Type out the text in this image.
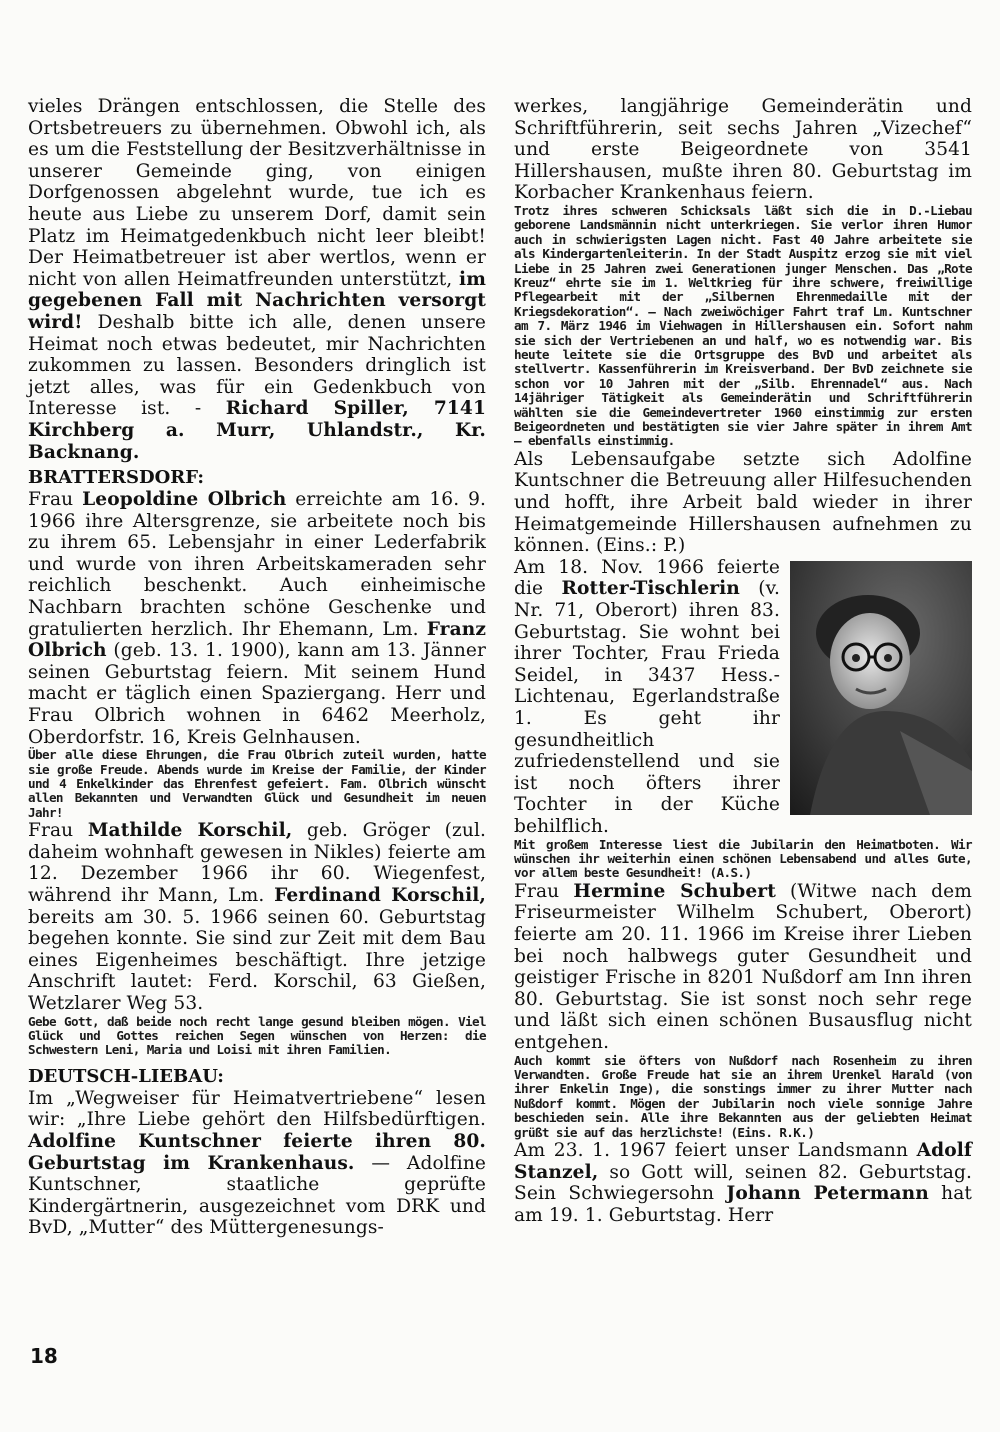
vieles Drängen entschlossen, die Stelle des Ortsbetreuers zu übernehmen. Obwohl ich, als es um die Feststellung der Besitzverhältnisse in unserer Gemeinde ging, von einigen Dorfgenossen abgelehnt wurde, tue ich es heute aus Liebe zu unserem Dorf, damit sein Platz im Heimatgedenkbuch nicht leer bleibt! Der Heimatbetreuer ist aber wertlos, wenn er nicht von allen Heimatfreunden unterstützt, im gegebenen Fall mit Nachrichten versorgt wird! Deshalb bitte ich alle, denen unsere Heimat noch etwas bedeutet, mir Nachrichten zukommen zu lassen. Besonders dringlich ist jetzt alles, was für ein Gedenkbuch von Interesse ist. - Richard Spiller, 7141 Kirchberg a. Murr, Uhlandstr., Kr. Backnang.

BRATTERSDORF:

Frau Leopoldine Olbrich erreichte am 16. 9. 1966 ihre Altersgrenze, sie arbeitete noch bis zu ihrem 65. Lebensjahr in einer Lederfabrik und wurde von ihren Arbeitskameraden sehr reichlich beschenkt. Auch einheimische Nachbarn brachten schöne Geschenke und gratulierten herzlich. Ihr Ehemann, Lm. Franz Olbrich (geb. 13. 1. 1900), kann am 13. Jänner seinen Geburtstag feiern. Mit seinem Hund macht er täglich einen Spaziergang. Herr und Frau Olbrich wohnen in 6462 Meerholz, Oberdorfstr. 16, Kreis Gelnhausen.

Über alle diese Ehrungen, die Frau Olbrich zuteil wurden, hatte sie große Freude. Abends wurde im Kreise der Familie, der Kinder und 4 Enkelkinder das Ehrenfest gefeiert. Fam. Olbrich wünscht allen Bekannten und Verwandten Glück und Gesundheit im neuen Jahr!

Frau Mathilde Korschil, geb. Gröger (zul. daheim wohnhaft gewesen in Nikles) feierte am 12. Dezember 1966 ihr 60. Wiegenfest, während ihr Mann, Lm. Ferdinand Korschil, bereits am 30. 5. 1966 seinen 60. Geburtstag begehen konnte. Sie sind zur Zeit mit dem Bau eines Eigenheimes beschäftigt. Ihre jetzige Anschrift lautet: Ferd. Korschil, 63 Gießen, Wetzlarer Weg 53.

Gebe Gott, daß beide noch recht lange gesund bleiben mögen. Viel Glück und Gottes reichen Segen wünschen von Herzen: die Schwestern Leni, Maria und Loisi mit ihren Familien.

DEUTSCH-LIEBAU:

Im „Wegweiser für Heimatvertriebene“ lesen wir: „Ihre Liebe gehört den Hilfsbedürftigen. Adolfine Kuntschner feierte ihren 80. Geburtstag im Krankenhaus. — Adolfine Kuntschner, staatliche geprüfte Kindergärtnerin, ausgezeichnet vom DRK und BvD, „Mutter“ des Müttergenesungs-

werkes, langjährige Gemeinderätin und Schriftführerin, seit sechs Jahren „Vizechef“ und erste Beigeordnete von 3541 Hillershausen, mußte ihren 80. Geburtstag im Korbacher Krankenhaus feiern.

Trotz ihres schweren Schicksals läßt sich die in D.-Liebau geborene Landsmännin nicht unterkriegen. Sie verlor ihren Humor auch in schwierigsten Lagen nicht. Fast 40 Jahre arbeitete sie als Kindergartenleiterin. In der Stadt Auspitz erzog sie mit viel Liebe in 25 Jahren zwei Generationen junger Menschen. Das „Rote Kreuz“ ehrte sie im 1. Weltkrieg für ihre schwere, freiwillige Pflegearbeit mit der „Silbernen Ehrenmedaille mit der Kriegsdekoration“. — Nach zweiwöchiger Fahrt traf Lm. Kuntschner am 7. März 1946 im Viehwagen in Hillershausen ein. Sofort nahm sie sich der Vertriebenen an und half, wo es notwendig war. Bis heute leitete sie die Ortsgruppe des BvD und arbeitet als stellvertr. Kassenführerin im Kreisverband. Der BvD zeichnete sie schon vor 10 Jahren mit der „Silb. Ehrennadel“ aus. Nach 14jähriger Tätigkeit als Gemeinderätin und Schriftführerin wählten sie die Gemeindevertreter 1960 einstimmig zur ersten Beigeordneten und bestätigten sie vier Jahre später in ihrem Amt — ebenfalls einstimmig.

Als Lebensaufgabe setzte sich Adolfine Kuntschner die Betreuung aller Hilfesuchenden und hofft, ihre Arbeit bald wieder in ihrer Heimatgemeinde Hillershausen aufnehmen zu können. (Eins.: P.)

Am 18. Nov. 1966 feierte die Rotter-Tischlerin (v. Nr. 71, Oberort) ihren 83. Geburtstag. Sie wohnt bei ihrer Tochter, Frau Frieda Seidel, in 3437 Hess.-Lichtenau, Egerlandstraße 1. Es geht ihr gesundheitlich zufriedenstellend und sie ist noch öfters ihrer Tochter in der Küche behilflich.

Mit großem Interesse liest die Jubilarin den Heimatboten. Wir wünschen ihr weiterhin einen schönen Lebensabend und alles Gute, vor allem beste Gesundheit! (A.S.)

Frau Hermine Schubert (Witwe nach dem Friseurmeister Wilhelm Schubert, Oberort) feierte am 20. 11. 1966 im Kreise ihrer Lieben bei noch halbwegs guter Gesundheit und geistiger Frische in 8201 Nußdorf am Inn ihren 80. Geburtstag. Sie ist sonst noch sehr rege und läßt sich einen schönen Busausflug nicht entgehen.

Auch kommt sie öfters von Nußdorf nach Rosenheim zu ihren Verwandten. Große Freude hat sie an ihrem Urenkel Harald (von ihrer Enkelin Inge), die sonstings immer zu ihrer Mutter nach Nußdorf kommt. Mögen der Jubilarin noch viele sonnige Jahre beschieden sein. Alle ihre Bekannten aus der geliebten Heimat grüßt sie auf das herzlichste! (Eins. R.K.)

Am 23. 1. 1967 feiert unser Landsmann Adolf Stanzel, so Gott will, seinen 82. Geburtstag. Sein Schwiegersohn Johann Petermann hat am 19. 1. Geburtstag. Herr

18
